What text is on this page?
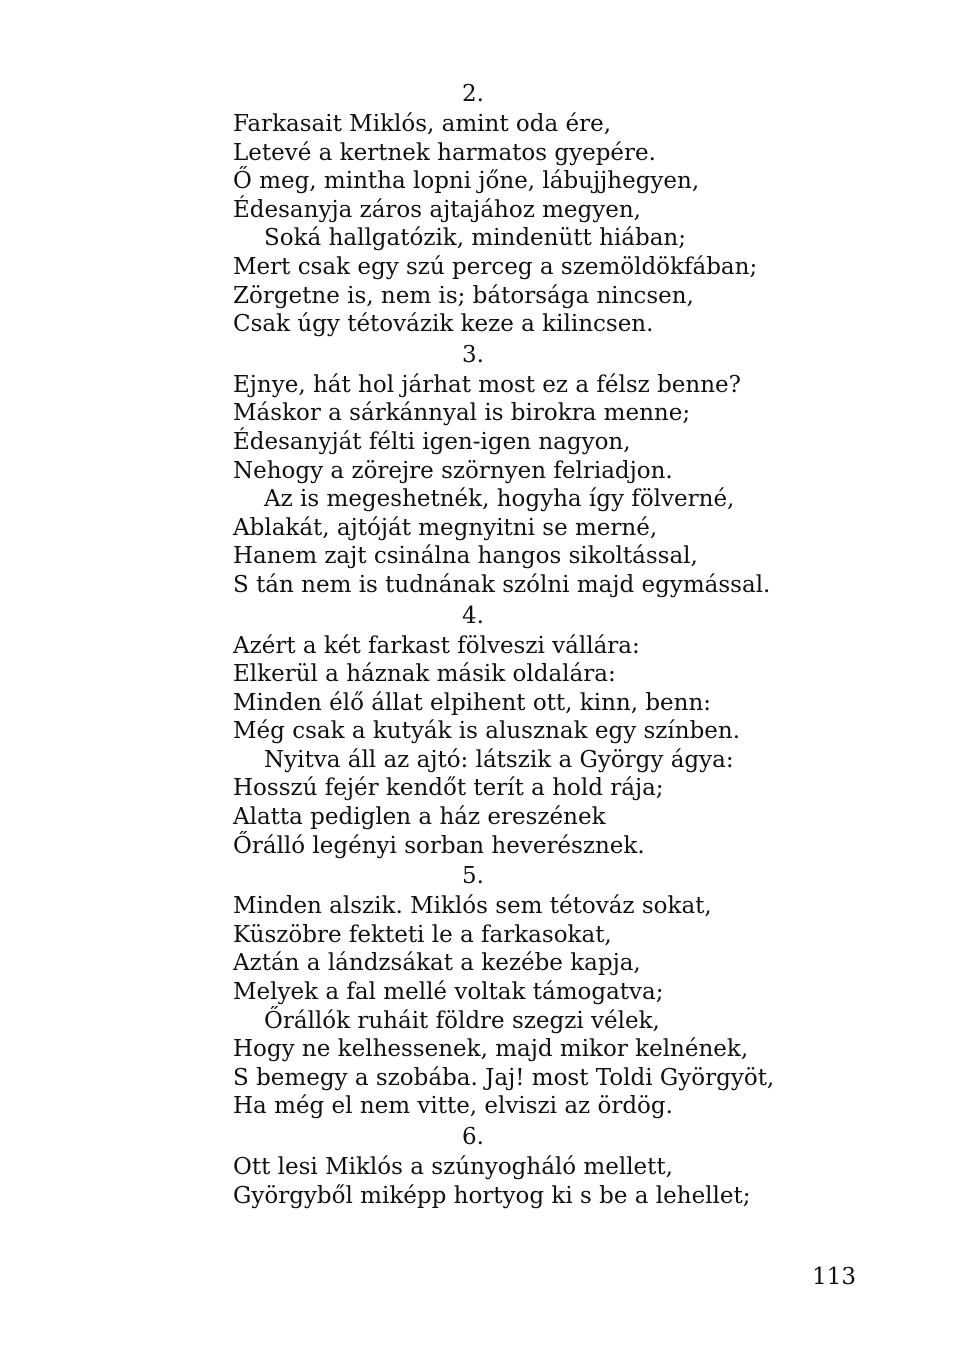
2.
Farkasait Miklós, amint oda ére,
Letevé a kertnek harmatos gyepére.
Ő meg, mintha lopni jőne, lábujjhegyen,
Édesanyja záros ajtajához megyen,
Soká hallgatózik, mindenütt hiában;
Mert csak egy szú perceg a szemöldökfában;
Zörgetne is, nem is; bátorsága nincsen,
Csak úgy tétovázik keze a kilincsen.
3.
Ejnye, hát hol járhat most ez a félsz benne?
Máskor a sárkánnyal is birokra menne;
Édesanyját félti igen-igen nagyon,
Nehogy a zörejre szörnyen felriadjon.
Az is megeshetnék, hogyha így fölverné,
Ablakát, ajtóját megnyitni se merné,
Hanem zajt csinálna hangos sikoltással,
S tán nem is tudnának szólni majd egymással.
4.
Azért a két farkast fölveszi vállára:
Elkerül a háznak másik oldalára:
Minden élő állat elpihent ott, kinn, benn:
Még csak a kutyák is alusznak egy színben.
Nyitva áll az ajtó: látszik a György ágya:
Hosszú fejér kendőt terít a hold rája;
Alatta pediglen a ház ereszének
Őrálló legényi sorban heverésznek.
5.
Minden alszik. Miklós sem tétováz sokat,
Küszöbre fekteti le a farkasokat,
Aztán a lándzsákat a kezébe kapja,
Melyek a fal mellé voltak támogatva;
Őrállók ruháit földre szegzi vélek,
Hogy ne kelhessenek, majd mikor kelnének,
S bemegy a szobába. Jaj! most Toldi Györgyöt,
Ha még el nem vitte, elviszi az ördög.
6.
Ott lesi Miklós a szúnyogháló mellett,
Györgyből miképp hortyog ki s be a lehellet;
113
